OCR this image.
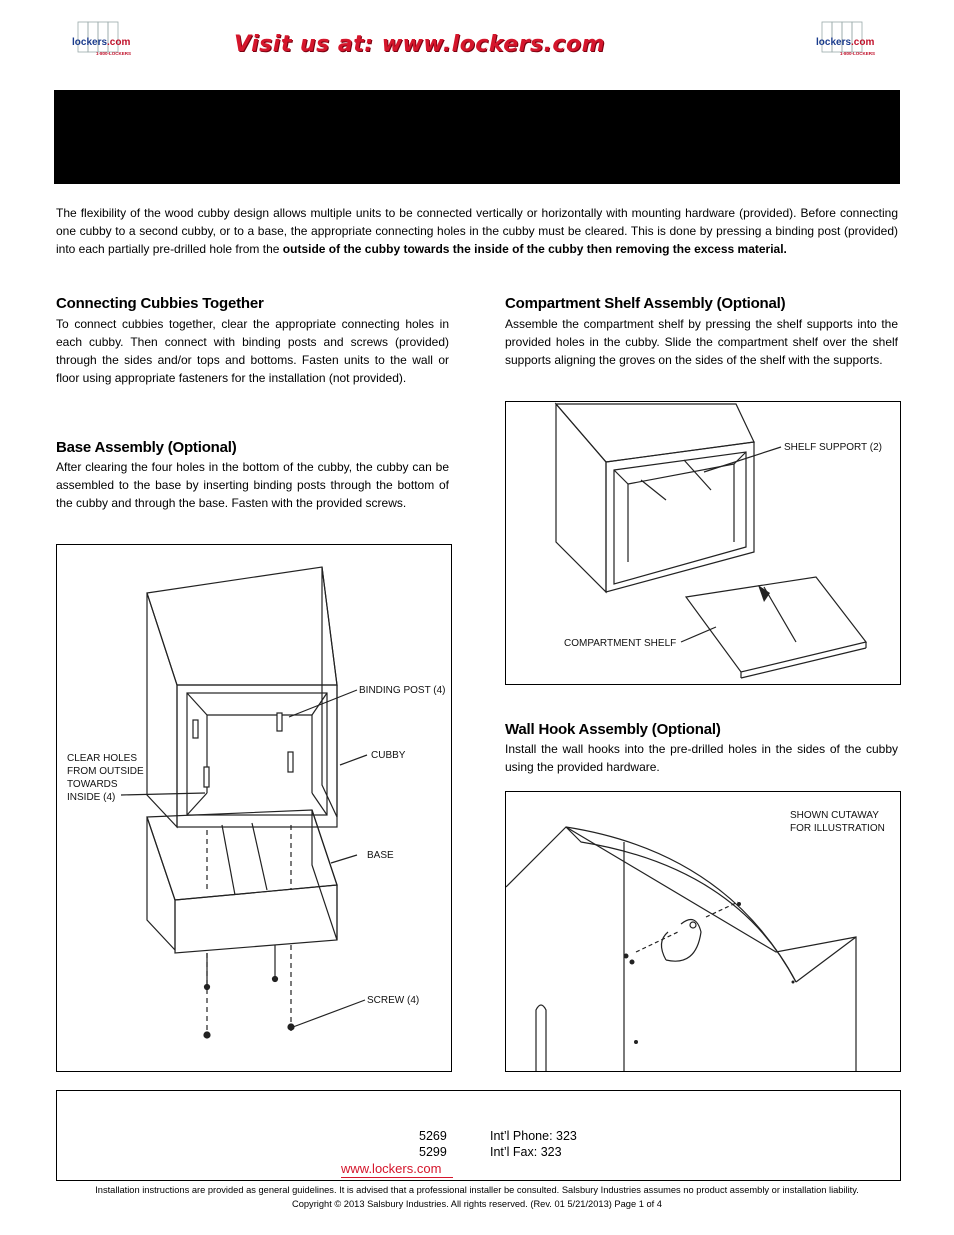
lockers.com
1-800-LOCKERS	Visit us at: www.lockers.com	lockers.com
1-800-LOCKERS
The flexibility of the wood cubby design allows multiple units to be connected vertically or horizontally with mounting hardware (provided). Before connecting one cubby to a second cubby, or to a base, the appropriate connecting holes in the cubby must be cleared. This is done by pressing a binding post (provided) into each partially pre-drilled hole from the outside of the cubby towards the inside of the cubby then removing the excess material.
Connecting Cubbies Together
To connect cubbies together, clear the appropriate connecting holes in each cubby. Then connect with binding posts and screws (provided) through the sides and/or tops and bottoms. Fasten units to the wall or floor using appropriate fasteners for the installation (not provided).
Base Assembly (Optional)
After clearing the four holes in the bottom of the cubby, the cubby can be assembled to the base by inserting binding posts through the bottom of the cubby and through the base. Fasten with the provided screws.
Compartment Shelf Assembly (Optional)
Assemble the compartment shelf by pressing the shelf supports into the provided holes in the cubby. Slide the compartment shelf over the shelf supports aligning the groves on the sides of the shelf with the supports.
Wall Hook Assembly (Optional)
Install the wall hooks into the pre-drilled holes in the sides of the cubby using the provided hardware.
BINDING POST (4)
CUBBY
CLEAR HOLES
FROM OUTSIDE
TOWARDS
INSIDE (4)
BASE
SCREW (4)
SHELF SUPPORT (2)
COMPARTMENT SHELF
SHOWN CUTAWAY
FOR ILLUSTRATION
5269	Int’l Phone: 323
5299	Int’l Fax: 323
www.lockers.com
Installation instructions are provided as general guidelines. It is advised that a professional installer be consulted. Salsbury Industries assumes no product assembly or installation liability.
Copyright © 2013 Salsbury Industries. All rights reserved. (Rev. 01 5/21/2013) Page 1 of 4
